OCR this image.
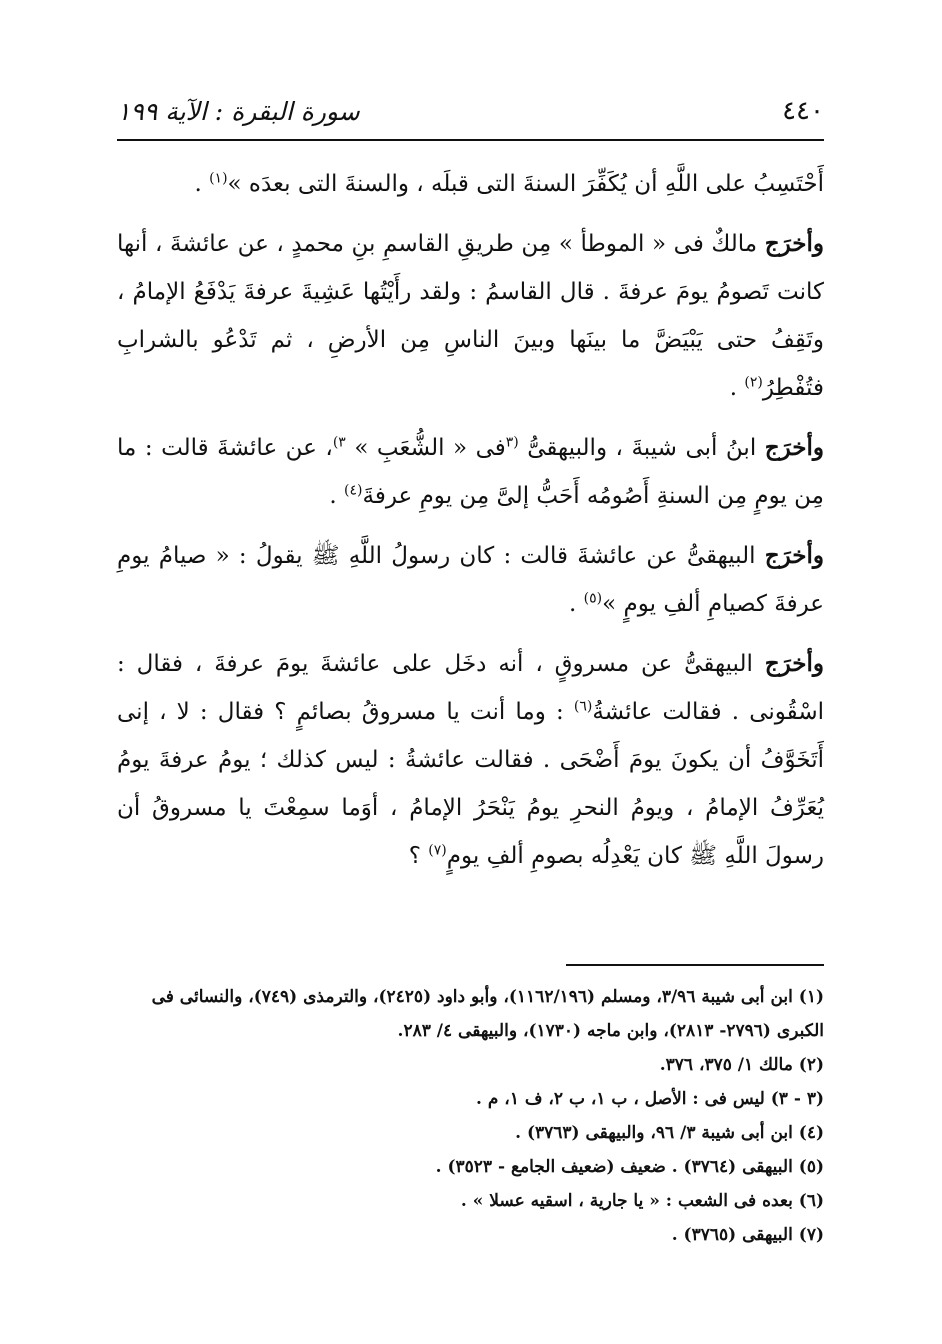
٤٤٠
سورة البقرة : الآية ١٩٩

أَحْتَسِبُ على اللَّهِ أن يُكَفِّرَ السنةَ التى قبلَه ، والسنةَ التى بعدَه »$^{(١)}$ .

وأخرَج مالكٌ فى « الموطأ » مِن طريقِ القاسمِ بنِ محمدٍ ، عن عائشةَ ، أنها كانت تَصومُ يومَ عرفةَ . قال القاسمُ : ولقد رأَيْتُها عَشِيةَ عرفةَ يَدْفَعُ الإمامُ ، وتَقِفُ حتى يَبْيَضَّ ما بينَها وبينَ الناسِ مِن الأرضِ ، ثم تَدْعُو بالشرابِ فتُفْطِرُ$^{(٢)}$ .

وأخرَج ابنُ أبى شيبةَ ، والبيهقىُّ $^{(٣}$فى « الشُّعَبِ » $^{٣)}$، عن عائشةَ قالت : ما مِن يومٍ مِن السنةِ أَصُومُه أَحَبُّ إلىَّ مِن يومِ عرفةَ$^{(٤)}$ .

وأخرَج البيهقىُّ عن عائشةَ قالت : كان رسولُ اللَّهِ ﷺ يقولُ : « صيامُ يومِ عرفةَ كصيامِ ألفِ يومٍ »$^{(٥)}$ .

وأخرَج البيهقىُّ عن مسروقٍ ، أنه دخَل على عائشةَ يومَ عرفةَ ، فقال : اسْقُونى . فقالت عائشةُ$^{(٦)}$ : وما أنت يا مسروقُ بصائمٍ ؟ فقال : لا ، إنى أَتَخَوَّفُ أن يكونَ يومَ أَضْحَى . فقالت عائشةُ : ليس كذلك ؛ يومُ عرفةَ يومُ يُعَرِّفُ الإمامُ ، ويومُ النحرِ يومُ يَنْحَرُ الإمامُ ، أوَما سمِعْتَ يا مسروقُ أن رسولَ اللَّهِ ﷺ كان يَعْدِلُه بصومِ ألفِ يومٍ$^{(٧)}$ ؟

(١) ابن أبى شيبة ٣/٩٦، ومسلم (١١٦٢/١٩٦)، وأبو داود (٢٤٢٥)، والترمذى (٧٤٩)، والنسائى فى الكبرى (٢٧٩٦- ٢٨١٣)، وابن ماجه (١٧٣٠)، والبيهقى ٤/ ٢٨٣.

(٢) مالك ١/ ٣٧٥، ٣٧٦.

(٣ - ٣) ليس فى : الأصل ، ب ١، ب ٢، ف ١، م .

(٤) ابن أبى شيبة ٣/ ٩٦، والبيهقى (٣٧٦٣) .

(٥) البيهقى (٣٧٦٤) . ضعيف (ضعيف الجامع - ٣٥٢٣) .

(٦) بعده فى الشعب : « يا جارية ، اسقيه عسلا » .

(٧) البيهقى (٣٧٦٥) .
